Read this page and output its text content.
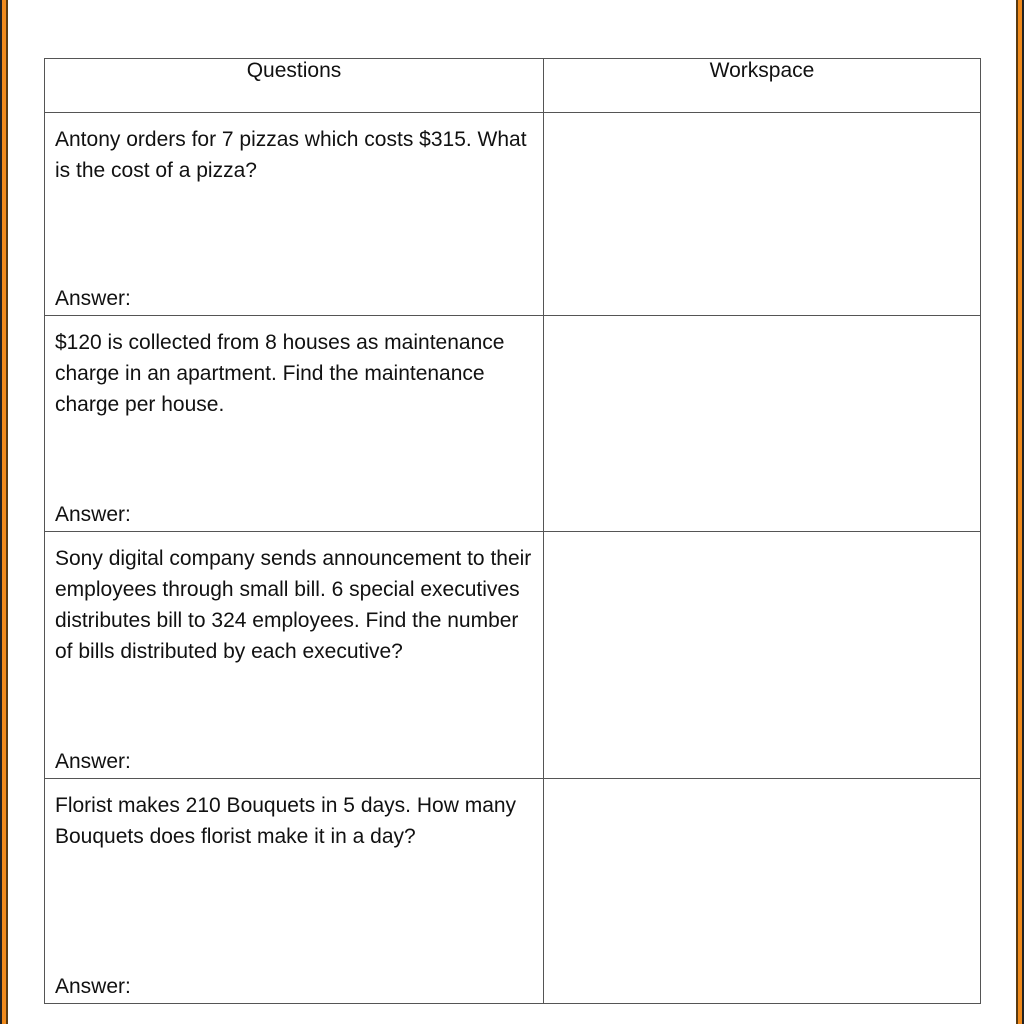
Questions	Workspace

Antony orders for 7 pizzas which costs $315. What is the cost of a pizza?
Answer:	

$120 is collected from 8 houses as maintenance charge in an apartment. Find the maintenance charge per house.
Answer:	

Sony digital company sends announcement to their employees through small bill. 6 special executives distributes bill to 324 employees. Find the number of bills distributed by each executive?
Answer:	

Florist makes 210 Bouquets in 5 days. How many Bouquets does florist make it in a day?
Answer:	
